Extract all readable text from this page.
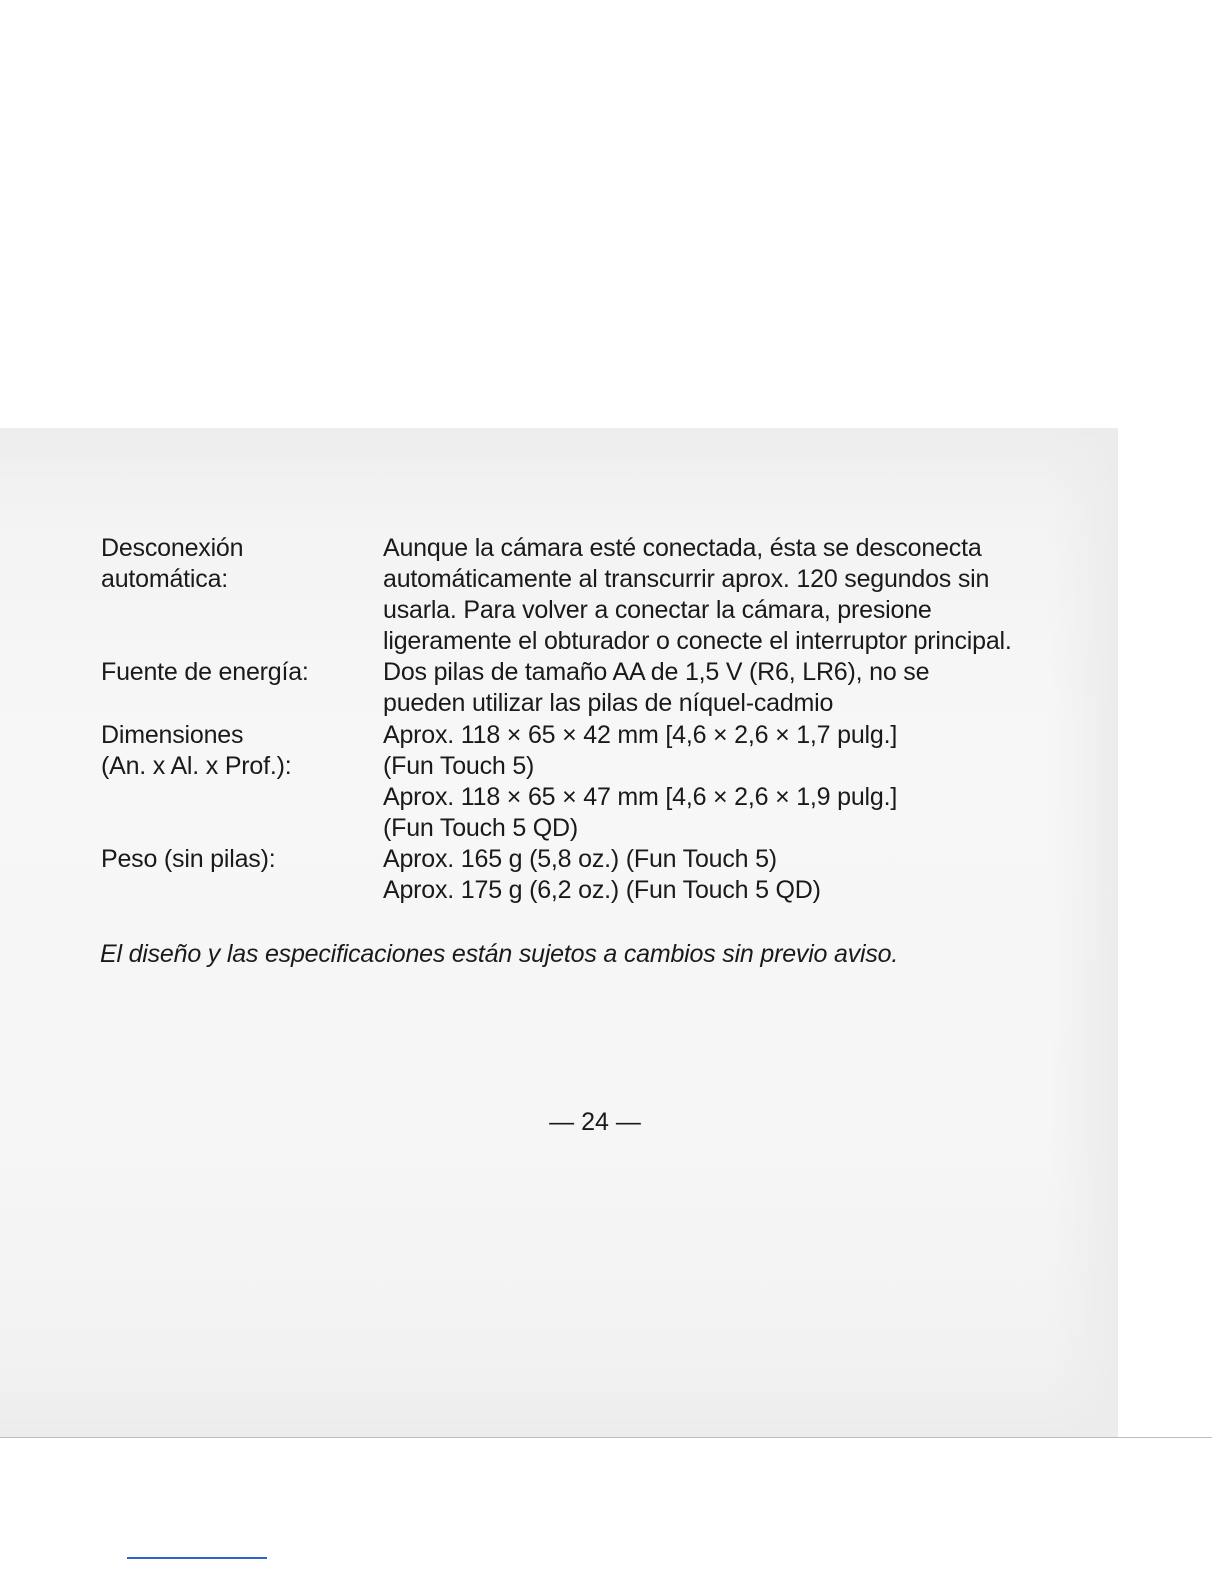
Desconexión
automática:
Aunque la cámara esté conectada, ésta se desconecta
automáticamente al transcurrir aprox. 120 segundos sin
usarla. Para volver a conectar la cámara, presione
ligeramente el obturador o conecte el interruptor principal.
Fuente de energía:	Dos pilas de tamaño AA de 1,5 V (R6, LR6), no se
pueden utilizar las pilas de níquel-cadmio
Dimensiones
(An. x Al. x Prof.):
Aprox. 118 × 65 × 42 mm [4,6 × 2,6 × 1,7 pulg.]
(Fun Touch 5)
Aprox. 118 × 65 × 47 mm [4,6 × 2,6 × 1,9 pulg.]
(Fun Touch 5 QD)
Peso (sin pilas):	Aprox. 165 g (5,8 oz.) (Fun Touch 5)
Aprox. 175 g (6,2 oz.) (Fun Touch 5 QD)
El diseño y las especificaciones están sujetos a cambios sin previo aviso.
— 24 —
